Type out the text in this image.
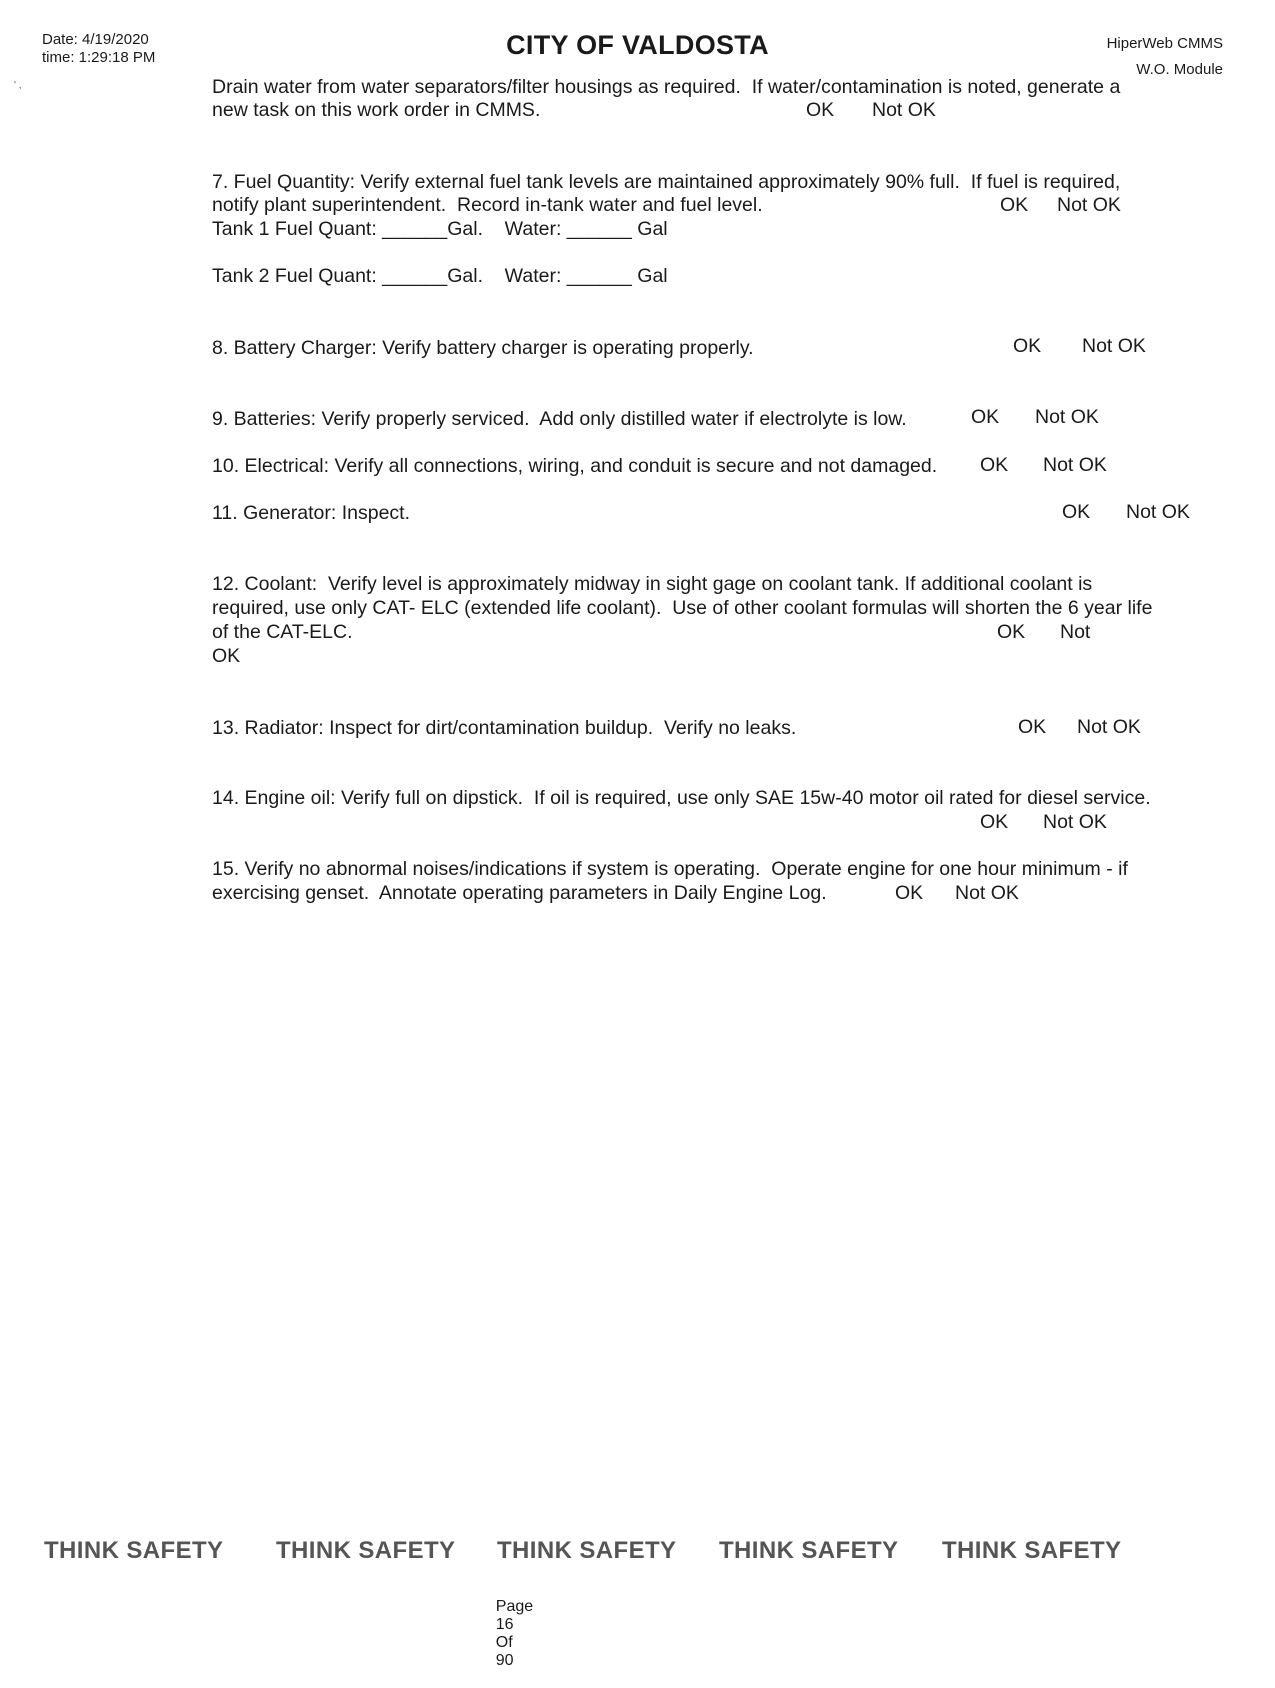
Date: 4/19/2020
time: 1:29:18 PM	CITY OF VALDOSTA	HiperWeb CMMS
W.O. Module
' ,	Drain water from water separators/filter housings as required.  If water/contamination is noted, generate a
new task on this work order in CMMS.	OK Not OK
7. Fuel Quantity: Verify external fuel tank levels are maintained approximately 90% full.  If fuel is required,
notify plant superintendent.  Record in-tank water and fuel level.	OK Not OK
Tank 1 Fuel Quant: ______Gal.    Water: ______ Gal
Tank 2 Fuel Quant: ______Gal.    Water: ______ Gal
8. Battery Charger: Verify battery charger is operating properly.	OK Not OK
9. Batteries: Verify properly serviced.  Add only distilled water if electrolyte is low.	OK Not OK
10. Electrical: Verify all connections, wiring, and conduit is secure and not damaged.	OK Not OK
11. Generator: Inspect.	OK Not OK
12. Coolant:  Verify level is approximately midway in sight gage on coolant tank. If additional coolant is
required, use only CAT- ELC (extended life coolant).  Use of other coolant formulas will shorten the 6 year life
of the CAT-ELC.	OK Not
OK
13. Radiator: Inspect for dirt/contamination buildup.  Verify no leaks.	OK Not OK
14. Engine oil: Verify full on dipstick.  If oil is required, use only SAE 15w-40 motor oil rated for diesel service.
OK Not OK
15. Verify no abnormal noises/indications if system is operating.  Operate engine for one hour minimum - if
exercising genset.  Annotate operating parameters in Daily Engine Log.	OK Not OK
THINK SAFETY THINK SAFETY THINK SAFETY THINK SAFETY THINK SAFETY

Page
16
Of
90
